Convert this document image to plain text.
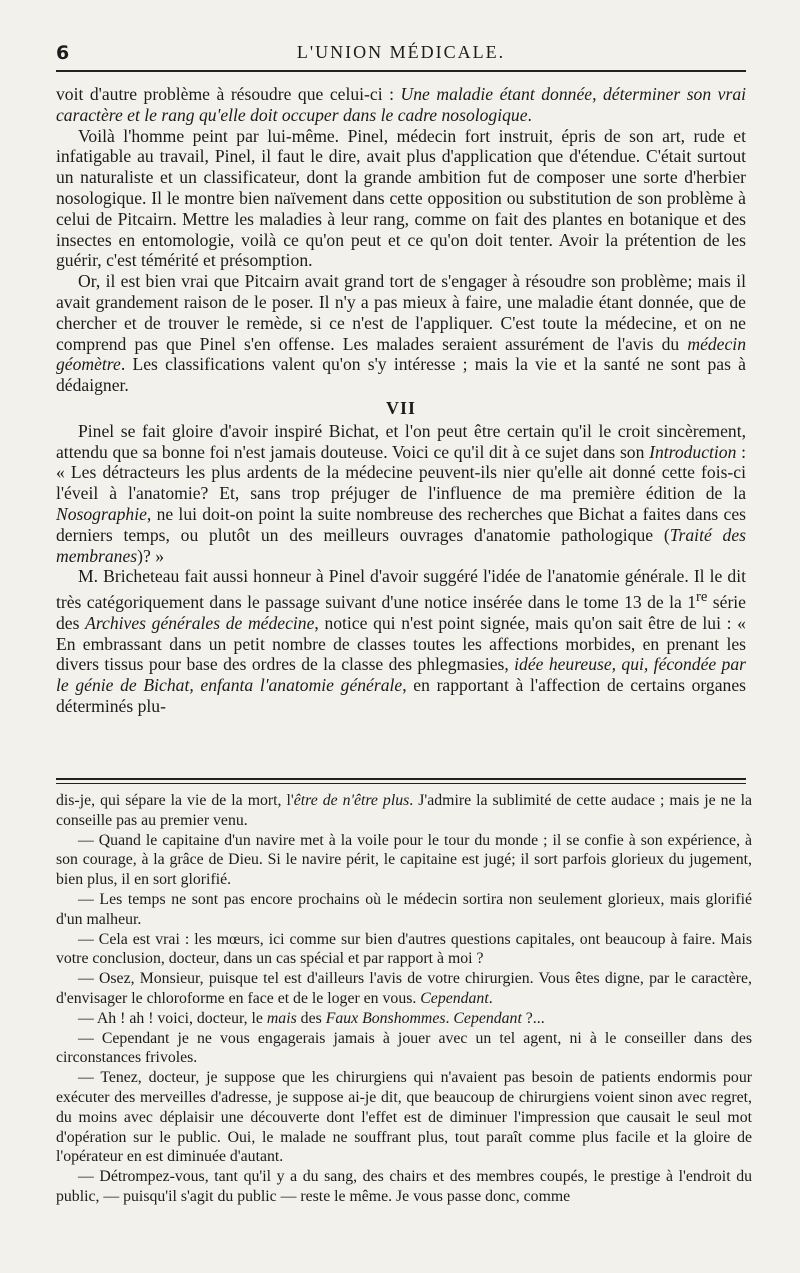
6	L'UNION MÉDICALE.

voit d'autre problème à résoudre que celui-ci : Une maladie étant donnée, déterminer son vrai caractère et le rang qu'elle doit occuper dans le cadre nosologique.

Voilà l'homme peint par lui-même. Pinel, médecin fort instruit, épris de son art, rude et infatigable au travail, Pinel, il faut le dire, avait plus d'application que d'étendue. C'était surtout un naturaliste et un classificateur, dont la grande ambition fut de composer une sorte d'herbier nosologique. Il le montre bien naïvement dans cette opposition ou substitution de son problème à celui de Pitcairn. Mettre les maladies à leur rang, comme on fait des plantes en botanique et des insectes en entomologie, voilà ce qu'on peut et ce qu'on doit tenter. Avoir la prétention de les guérir, c'est témérité et présomption.

Or, il est bien vrai que Pitcairn avait grand tort de s'engager à résoudre son problème; mais il avait grandement raison de le poser. Il n'y a pas mieux à faire, une maladie étant donnée, que de chercher et de trouver le remède, si ce n'est de l'appliquer. C'est toute la médecine, et on ne comprend pas que Pinel s'en offense. Les malades seraient assurément de l'avis du médecin géomètre. Les classifications valent qu'on s'y intéresse ; mais la vie et la santé ne sont pas à dédaigner.

VII

Pinel se fait gloire d'avoir inspiré Bichat, et l'on peut être certain qu'il le croit sincèrement, attendu que sa bonne foi n'est jamais douteuse. Voici ce qu'il dit à ce sujet dans son Introduction : « Les détracteurs les plus ardents de la médecine peuvent-ils nier qu'elle ait donné cette fois-ci l'éveil à l'anatomie? Et, sans trop préjuger de l'influence de ma première édition de la Nosographie, ne lui doit-on point la suite nombreuse des recherches que Bichat a faites dans ces derniers temps, ou plutôt un des meilleurs ouvrages d'anatomie pathologique (Traité des membranes)? »

M. Bricheteau fait aussi honneur à Pinel d'avoir suggéré l'idée de l'anatomie générale. Il le dit très catégoriquement dans le passage suivant d'une notice insérée dans le tome 13 de la 1re série des Archives générales de médecine, notice qui n'est point signée, mais qu'on sait être de lui : « En embrassant dans un petit nombre de classes toutes les affections morbides, en prenant les divers tissus pour base des ordres de la classe des phlegmasies, idée heureuse, qui, fécondée par le génie de Bichat, enfanta l'anatomie générale, en rapportant à l'affection de certains organes déterminés plu-

dis-je, qui sépare la vie de la mort, l'être de n'être plus. J'admire la sublimité de cette audace ; mais je ne la conseille pas au premier venu.

— Quand le capitaine d'un navire met à la voile pour le tour du monde ; il se confie à son expérience, à son courage, à la grâce de Dieu. Si le navire périt, le capitaine est jugé; il sort parfois glorieux du jugement, bien plus, il en sort glorifié.

— Les temps ne sont pas encore prochains où le médecin sortira non seulement glorieux, mais glorifié d'un malheur.

— Cela est vrai : les mœurs, ici comme sur bien d'autres questions capitales, ont beaucoup à faire. Mais votre conclusion, docteur, dans un cas spécial et par rapport à moi ?

— Osez, Monsieur, puisque tel est d'ailleurs l'avis de votre chirurgien. Vous êtes digne, par le caractère, d'envisager le chloroforme en face et de le loger en vous. Cependant.

— Ah ! ah ! voici, docteur, le mais des Faux Bonshommes. Cependant ?...

— Cependant je ne vous engagerais jamais à jouer avec un tel agent, ni à le conseiller dans des circonstances frivoles.

— Tenez, docteur, je suppose que les chirurgiens qui n'avaient pas besoin de patients endormis pour exécuter des merveilles d'adresse, je suppose ai-je dit, que beaucoup de chirurgiens voient sinon avec regret, du moins avec déplaisir une découverte dont l'effet est de diminuer l'impression que causait le seul mot d'opération sur le public. Oui, le malade ne souffrant plus, tout paraît comme plus facile et la gloire de l'opérateur en est diminuée d'autant.

— Détrompez-vous, tant qu'il y a du sang, des chairs et des membres coupés, le prestige à l'endroit du public, — puisqu'il s'agit du public — reste le même. Je vous passe donc, comme
